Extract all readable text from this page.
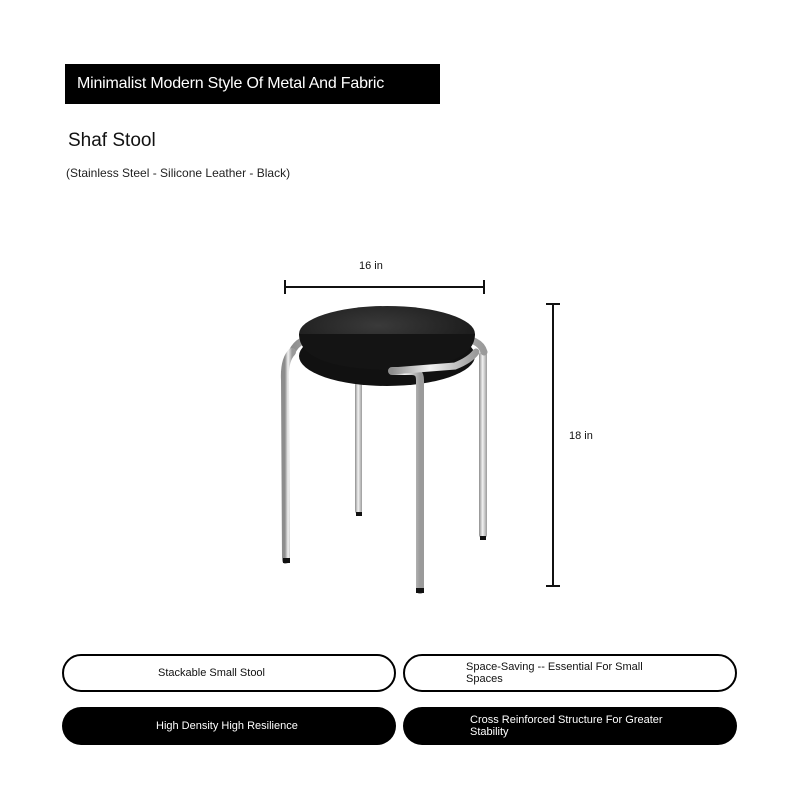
Minimalist Modern Style Of Metal And Fabric
Shaf Stool
(Stainless Steel - Silicone Leather - Black)
16 in
18 in
Stackable Small Stool	Space-Saving -- Essential For Small Spaces
High Density High Resilience	Cross Reinforced Structure For Greater Stability
